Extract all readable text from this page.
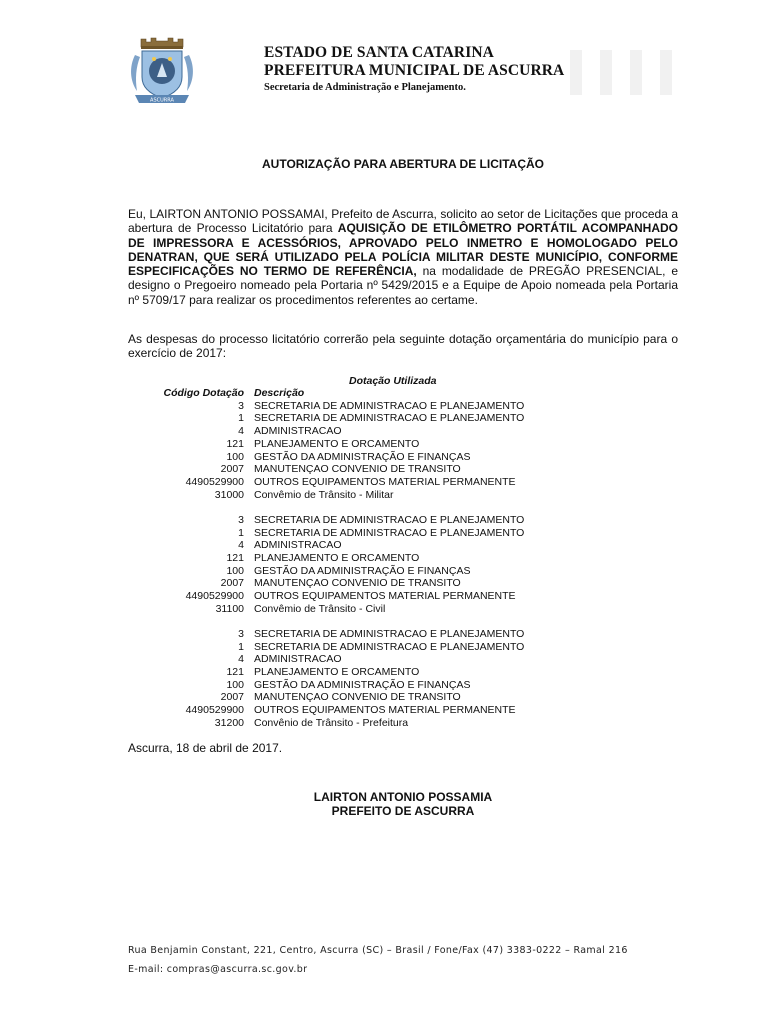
ASCURRA
ESTADO DE SANTA CATARINA
PREFEITURA MUNICIPAL DE ASCURRA
Secretaria de Administração e Planejamento.
AUTORIZAÇÃO PARA ABERTURA DE LICITAÇÃO
Eu, LAIRTON ANTONIO POSSAMAI, Prefeito de Ascurra, solicito ao setor de Licitações que proceda a abertura de Processo Licitatório para AQUISIÇÃO DE ETILÔMETRO PORTÁTIL ACOMPANHADO DE IMPRESSORA E ACESSÓRIOS, APROVADO PELO INMETRO E HOMOLOGADO PELO DENATRAN, QUE SERÁ UTILIZADO PELA POLÍCIA MILITAR DESTE MUNICÍPIO, CONFORME ESPECIFICAÇÕES NO TERMO DE REFERÊNCIA, na modalidade de PREGÃO PRESENCIAL, e designo o Pregoeiro nomeado pela Portaria nº 5429/2015 e a Equipe de Apoio nomeada pela Portaria nº 5709/17 para realizar os procedimentos referentes ao certame.
As despesas do processo licitatório correrão pela seguinte dotação orçamentária do município para o exercício de 2017:
Dotação Utilizada
Código Dotação Descrição
3 SECRETARIA DE ADMINISTRACAO E PLANEJAMENTO
1 SECRETARIA DE ADMINISTRACAO E PLANEJAMENTO
4 ADMINISTRACAO
121 PLANEJAMENTO E ORCAMENTO
100 GESTÃO DA ADMINISTRAÇÃO E FINANÇAS
2007 MANUTENÇAO CONVENIO DE TRANSITO
4490529900 OUTROS EQUIPAMENTOS MATERIAL PERMANENTE
31000 Convêmio de Trânsito - Militar
3 SECRETARIA DE ADMINISTRACAO E PLANEJAMENTO
1 SECRETARIA DE ADMINISTRACAO E PLANEJAMENTO
4 ADMINISTRACAO
121 PLANEJAMENTO E ORCAMENTO
100 GESTÃO DA ADMINISTRAÇÃO E FINANÇAS
2007 MANUTENÇAO CONVENIO DE TRANSITO
4490529900 OUTROS EQUIPAMENTOS MATERIAL PERMANENTE
31100 Convêmio de Trânsito - Civil
3 SECRETARIA DE ADMINISTRACAO E PLANEJAMENTO
1 SECRETARIA DE ADMINISTRACAO E PLANEJAMENTO
4 ADMINISTRACAO
121 PLANEJAMENTO E ORCAMENTO
100 GESTÃO DA ADMINISTRAÇÃO E FINANÇAS
2007 MANUTENÇAO CONVENIO DE TRANSITO
4490529900 OUTROS EQUIPAMENTOS MATERIAL PERMANENTE
31200 Convênio de Trânsito - Prefeitura
Ascurra, 18 de abril de 2017.
LAIRTON ANTONIO POSSAMIA
PREFEITO DE ASCURRA
Rua Benjamin Constant, 221, Centro, Ascurra (SC) – Brasil / Fone/Fax (47) 3383-0222 – Ramal 216
E-mail: compras@ascurra.sc.gov.br
